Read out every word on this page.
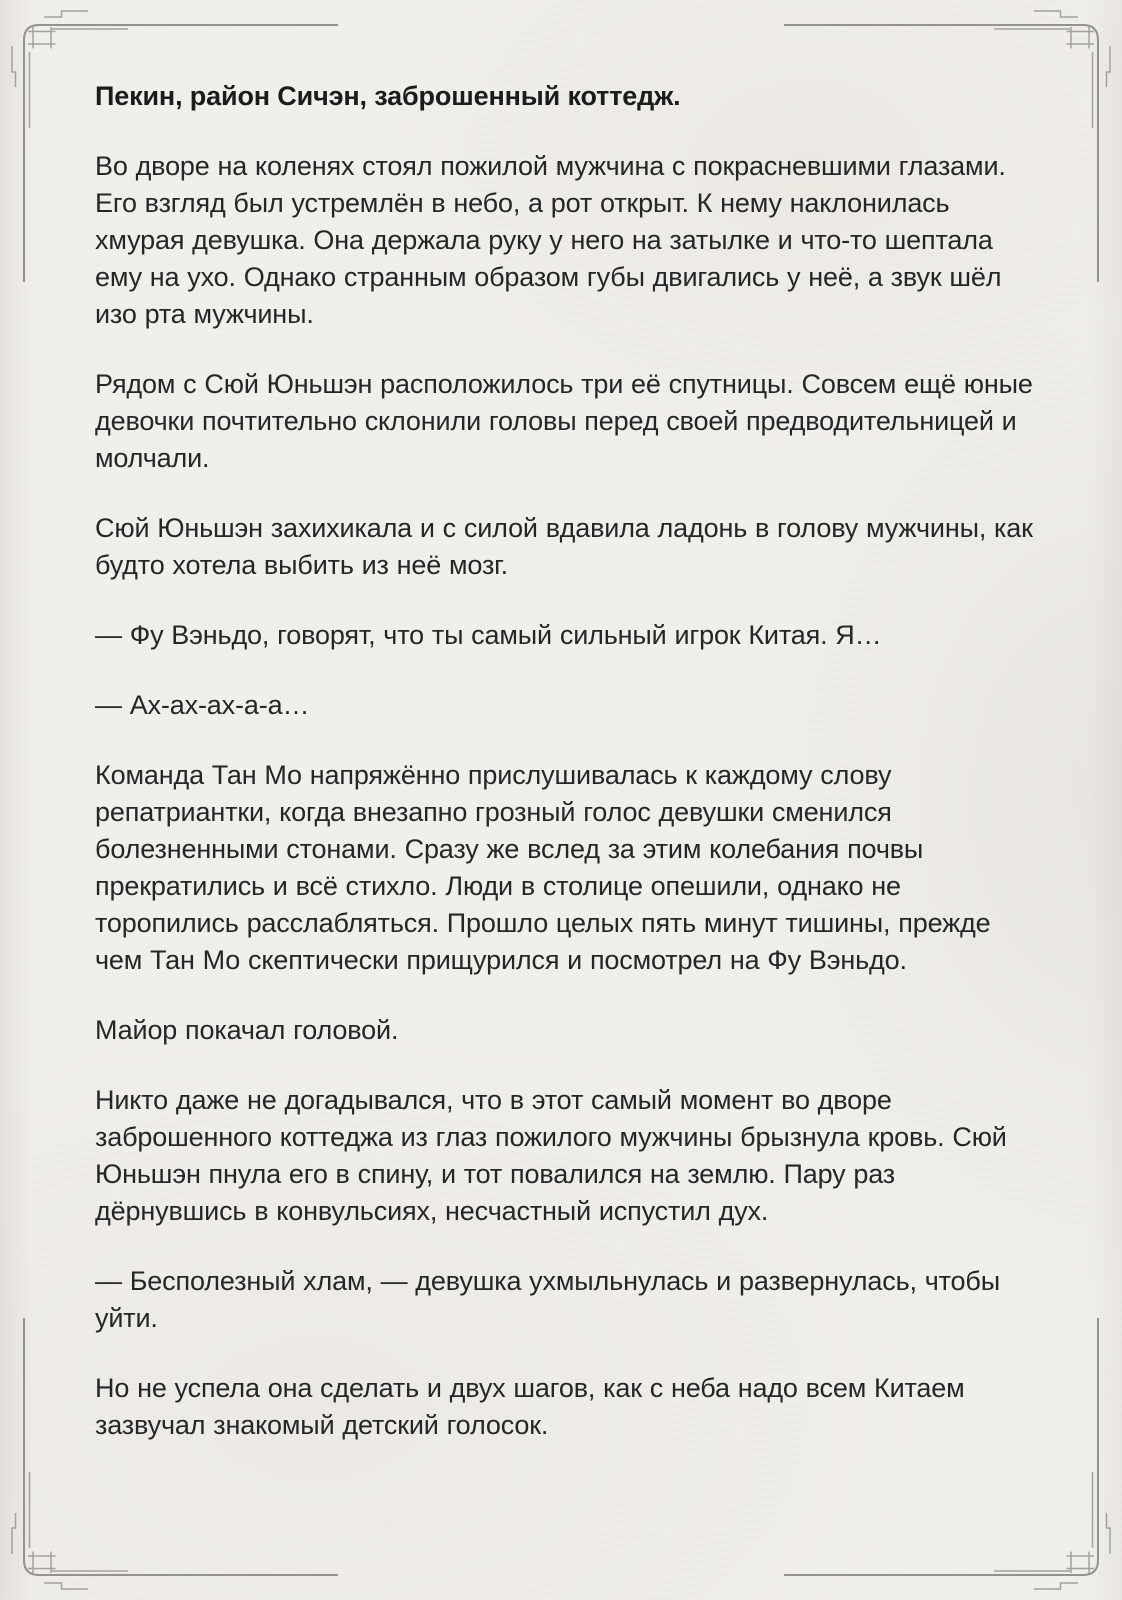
Пекин, район Сичэн, заброшенный коттедж.

Во дворе на коленях стоял пожилой мужчина с покрасневшими глазами. Его взгляд был устремлён в небо, а рот открыт. К нему наклонилась хмурая девушка. Она держала руку у него на затылке и что-то шептала ему на ухо. Однако странным образом губы двигались у неё, а звук шёл изо рта мужчины.

Рядом с Сюй Юньшэн расположилось три её спутницы. Совсем ещё юные девочки почтительно склонили головы перед своей предводительницей и молчали.

Сюй Юньшэн захихикала и с силой вдавила ладонь в голову мужчины, как будто хотела выбить из неё мозг.

— Фу Вэньдо, говорят, что ты самый сильный игрок Китая. Я…

— Ах-ах-ах-а-а…

Команда Тан Мо напряжённо прислушивалась к каждому слову репатриантки, когда внезапно грозный голос девушки сменился болезненными стонами. Сразу же вслед за этим колебания почвы прекратились и всё стихло. Люди в столице опешили, однако не торопились расслабляться. Прошло целых пять минут тишины, прежде чем Тан Мо скептически прищурился и посмотрел на Фу Вэньдо.

Майор покачал головой.

Никто даже не догадывался, что в этот самый момент во дворе заброшенного коттеджа из глаз пожилого мужчины брызнула кровь. Сюй Юньшэн пнула его в спину, и тот повалился на землю. Пару раз дёрнувшись в конвульсиях, несчастный испустил дух.

— Бесполезный хлам, — девушка ухмыльнулась и развернулась, чтобы уйти.

Но не успела она сделать и двух шагов, как с неба надо всем Китаем зазвучал знакомый детский голосок.
